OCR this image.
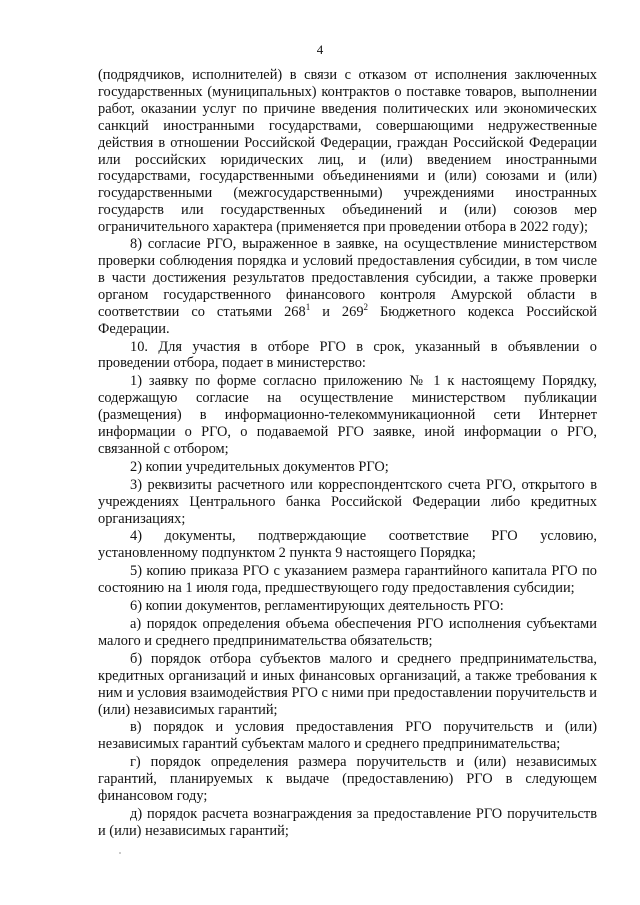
4

(подрядчиков, исполнителей) в связи с отказом от исполнения заключенных государственных (муниципальных) контрактов о поставке товаров, выполнении работ, оказании услуг по причине введения политических или экономических санкций иностранными государствами, совершающими недружественные действия в отношении Российской Федерации, граждан Российской Федерации или российских юридических лиц, и (или) введением иностранными государствами, государственными объединениями и (или) союзами и (или) государственными (межгосударственными) учреждениями иностранных государств или государственных объединений и (или) союзов мер ограничительного характера (применяется при проведении отбора в 2022 году);

8) согласие РГО, выраженное в заявке, на осуществление министерством проверки соблюдения порядка и условий предоставления субсидии, в том числе в части достижения результатов предоставления субсидии, а также проверки органом государственного финансового контроля Амурской области в соответствии со статьями $268^1$ и $269^2$ Бюджетного кодекса Российской Федерации.

10. Для участия в отборе РГО в срок, указанный в объявлении о проведении отбора, подает в министерство:

1) заявку по форме согласно приложению № 1 к настоящему Порядку, содержащую согласие на осуществление министерством публикации (размещения) в информационно-телекоммуникационной сети Интернет информации о РГО, о подаваемой РГО заявке, иной информации о РГО, связанной с отбором;

2) копии учредительных документов РГО;

3) реквизиты расчетного или корреспондентского счета РГО, открытого в учреждениях Центрального банка Российской Федерации либо кредитных организациях;

4) документы, подтверждающие соответствие РГО условию, установленному подпунктом 2 пункта 9 настоящего Порядка;

5) копию приказа РГО с указанием размера гарантийного капитала РГО по состоянию на 1 июля года, предшествующего году предоставления субсидии;

6) копии документов, регламентирующих деятельность РГО:

а) порядок определения объема обеспечения РГО исполнения субъектами малого и среднего предпринимательства обязательств;

б) порядок отбора субъектов малого и среднего предпринимательства, кредитных организаций и иных финансовых организаций, а также требования к ним и условия взаимодействия РГО с ними при предоставлении поручительств и (или) независимых гарантий;

в) порядок и условия предоставления РГО поручительств и (или) независимых гарантий субъектам малого и среднего предпринимательства;

г) порядок определения размера поручительств и (или) независимых гарантий, планируемых к выдаче (предоставлению) РГО в следующем финансовом году;

д) порядок расчета вознаграждения за предоставление РГО поручительств и (или) независимых гарантий;
